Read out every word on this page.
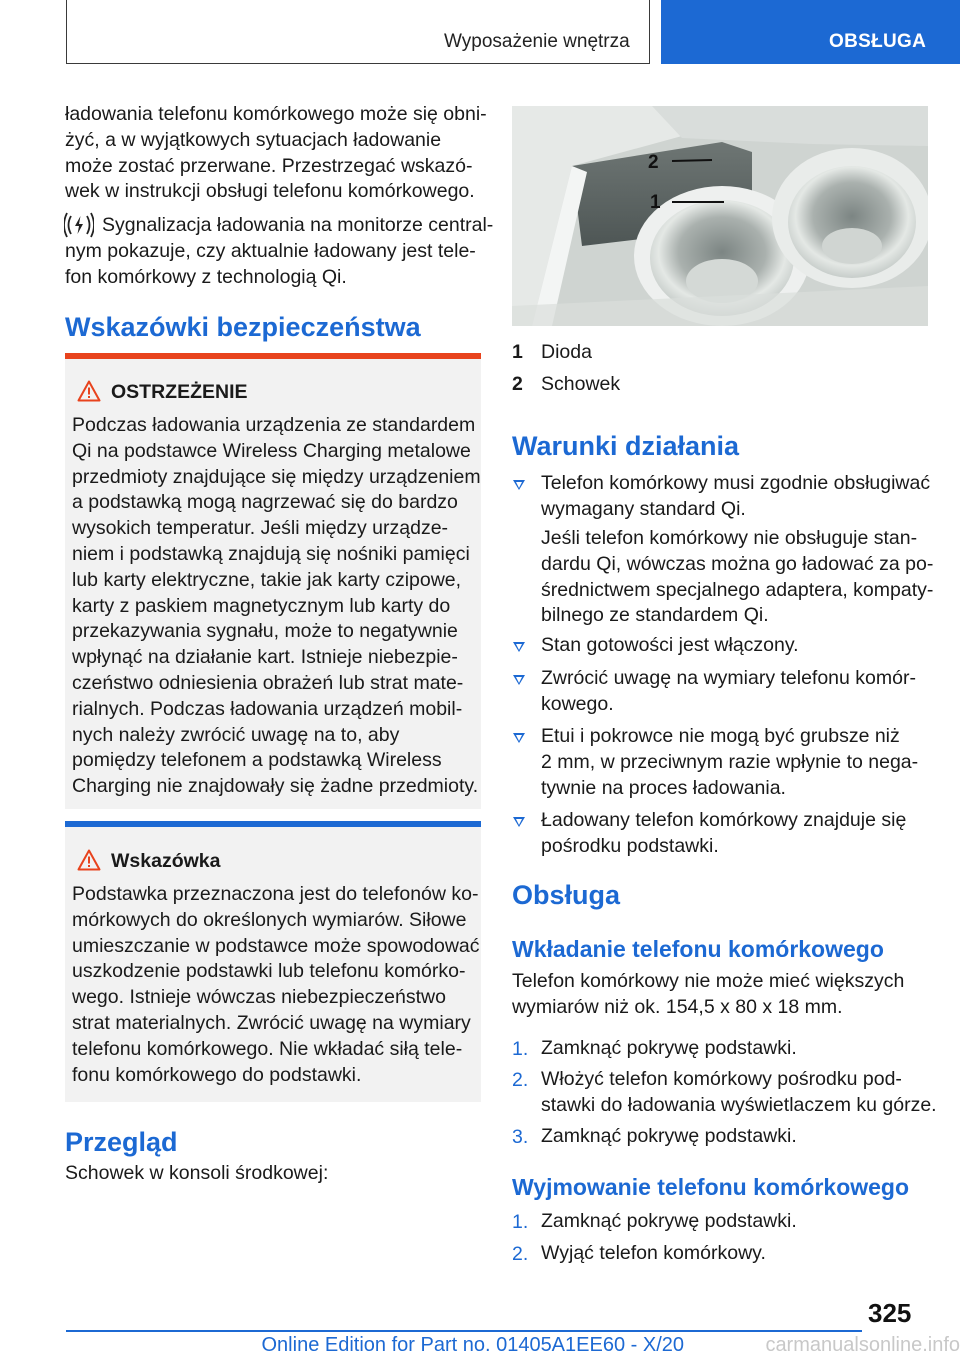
Wyposażenie wnętrza	OBSŁUGA
ładowania telefonu komórkowego może się obni-
żyć, a w wyjątkowych sytuacjach ładowanie
może zostać przerwane. Przestrzegać wskazó-
wek w instrukcji obsługi telefonu komórkowego.
Sygnalizacja ładowania na monitorze central-
nym pokazuje, czy aktualnie ładowany jest tele-
fon komórkowy z technologią Qi.
Wskazówki bezpieczeństwa
OSTRZEŻENIE
Podczas ładowania urządzenia ze standardem
Qi na podstawce Wireless Charging metalowe
przedmioty znajdujące się między urządzeniem
a podstawką mogą nagrzewać się do bardzo
wysokich temperatur. Jeśli między urządze-
niem i podstawką znajdują się nośniki pamięci
lub karty elektryczne, takie jak karty czipowe,
karty z paskiem magnetycznym lub karty do
przekazywania sygnału, może to negatywnie
wpłynąć na działanie kart. Istnieje niebezpie-
czeństwo odniesienia obrażeń lub strat mate-
rialnych. Podczas ładowania urządzeń mobil-
nych należy zwrócić uwagę na to, aby
pomiędzy telefonem a podstawką Wireless
Charging nie znajdowały się żadne przedmioty.
Wskazówka
Podstawka przeznaczona jest do telefonów ko-
mórkowych do określonych wymiarów. Siłowe
umieszczanie w podstawce może spowodować
uszkodzenie podstawki lub telefonu komórko-
wego. Istnieje wówczas niebezpieczeństwo
strat materialnych. Zwrócić uwagę na wymiary
telefonu komórkowego. Nie wkładać siłą tele-
fonu komórkowego do podstawki.
Przegląd
Schowek w konsoli środkowej:
2
1
1 Dioda
2 Schowek
Warunki działania
Telefon komórkowy musi zgodnie obsługiwać
wymagany standard Qi.
Jeśli telefon komórkowy nie obsługuje stan-
dardu Qi, wówczas można go ładować za po-
średnictwem specjalnego adaptera, kompaty-
bilnego ze standardem Qi.
Stan gotowości jest włączony.
Zwrócić uwagę na wymiary telefonu komór-
kowego.
Etui i pokrowce nie mogą być grubsze niż
2 mm, w przeciwnym razie wpłynie to nega-
tywnie na proces ładowania.
Ładowany telefon komórkowy znajduje się
pośrodku podstawki.
Obsługa
Wkładanie telefonu komórkowego
Telefon komórkowy nie może mieć większych
wymiarów niż ok. 154,5 x 80 x 18 mm.
1. Zamknąć pokrywę podstawki.
2. Włożyć telefon komórkowy pośrodku pod-
stawki do ładowania wyświetlaczem ku górze.
3. Zamknąć pokrywę podstawki.
Wyjmowanie telefonu komórkowego
1. Zamknąć pokrywę podstawki.
2. Wyjąć telefon komórkowy.
325
Online Edition for Part no. 01405A1EE60 - X/20	carmanualsonline.info
